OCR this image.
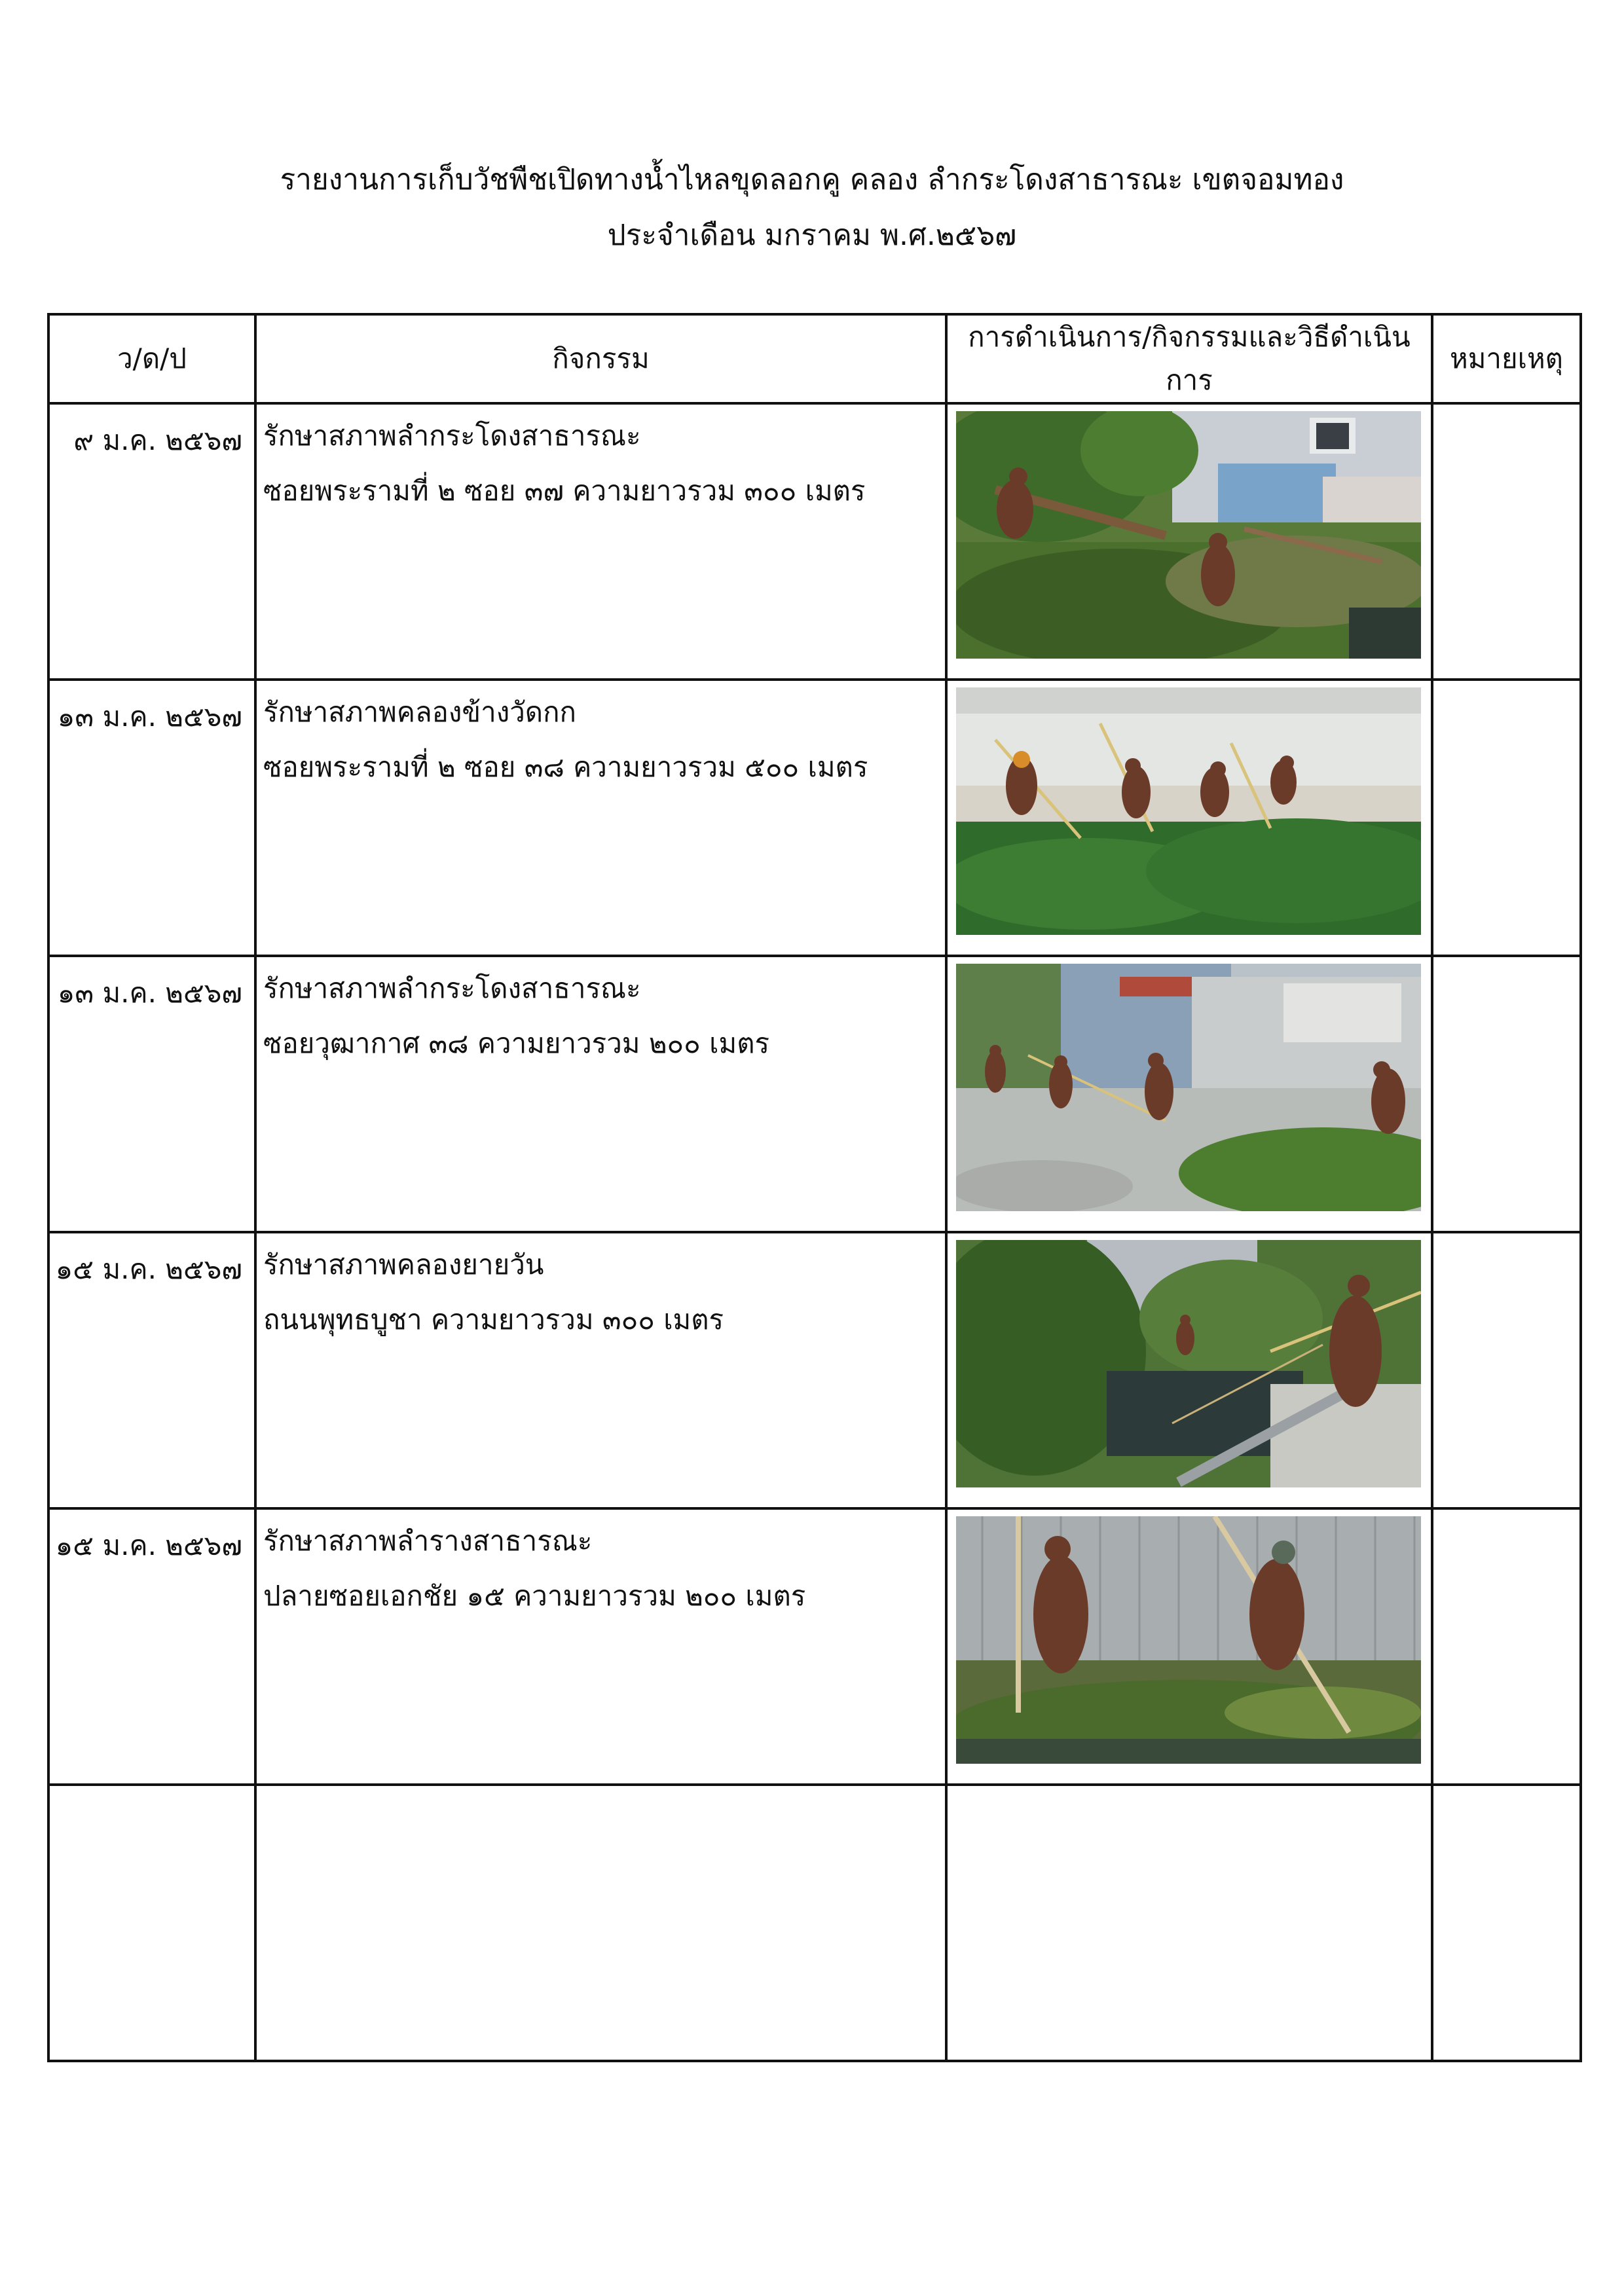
รายงานการเก็บวัชพืชเปิดทางน้ำไหลขุดลอกคู คลอง ลำกระโดงสาธารณะ เขตจอมทอง
ประจำเดือน มกราคม พ.ศ.๒๕๖๗
ว/ด/ป	กิจกรรม	การดำเนินการ/กิจกรรมและวิธีดำเนินการ	หมายเหตุ
๙ ม.ค. ๒๕๖๗	รักษาสภาพลำกระโดงสาธารณะ
ซอยพระรามที่ ๒ ซอย ๓๗ ความยาวรวม ๓๐๐ เมตร

๑๓ ม.ค. ๒๕๖๗	รักษาสภาพคลองข้างวัดกก
ซอยพระรามที่ ๒ ซอย ๓๘ ความยาวรวม ๕๐๐ เมตร

๑๓ ม.ค. ๒๕๖๗	รักษาสภาพลำกระโดงสาธารณะ
ซอยวุฒากาศ ๓๘ ความยาวรวม ๒๐๐ เมตร

๑๕ ม.ค. ๒๕๖๗	รักษาสภาพคลองยายวัน
ถนนพุทธบูชา ความยาวรวม ๓๐๐ เมตร

๑๕ ม.ค. ๒๕๖๗	รักษาสภาพลำรางสาธารณะ
ปลายซอยเอกชัย ๑๕ ความยาวรวม ๒๐๐ เมตร
